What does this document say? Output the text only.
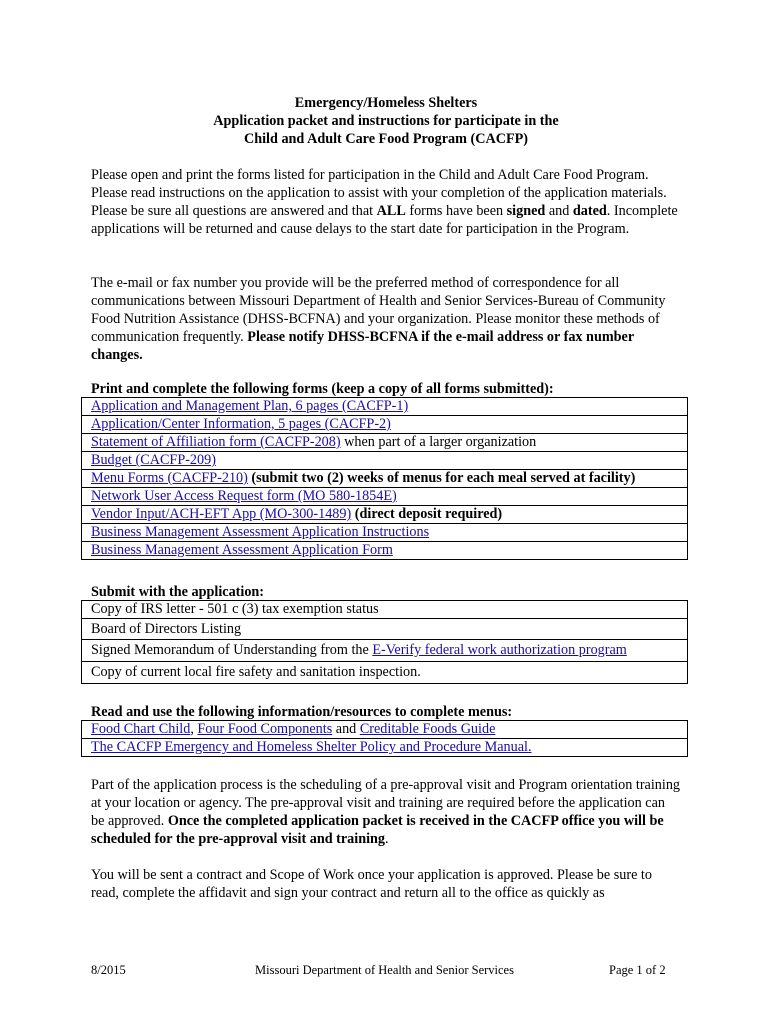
Emergency/Homeless Shelters
Application packet and instructions for participate in the
Child and Adult Care Food Program (CACFP)
Please open and print the forms listed for participation in the Child and Adult Care Food Program. Please read instructions on the application to assist with your completion of the application materials. Please be sure all questions are answered and that ALL forms have been signed and dated. Incomplete applications will be returned and cause delays to the start date for participation in the Program.
The e-mail or fax number you provide will be the preferred method of correspondence for all communications between Missouri Department of Health and Senior Services-Bureau of Community Food Nutrition Assistance (DHSS-BCFNA) and your organization. Please monitor these methods of communication frequently. Please notify DHSS-BCFNA if the e-mail address or fax number changes.
Print and complete the following forms (keep a copy of all forms submitted):
Application and Management Plan, 6 pages (CACFP-1)
Application/Center Information, 5 pages (CACFP-2)
Statement of Affiliation form (CACFP-208) when part of a larger organization
Budget (CACFP-209)
Menu Forms (CACFP-210) (submit two (2) weeks of menus for each meal served at facility)
Network User Access Request form (MO 580-1854E)
Vendor Input/ACH-EFT App (MO-300-1489) (direct deposit required)
Business Management Assessment Application Instructions
Business Management Assessment Application Form
Submit with the application:
Copy of IRS letter - 501 c (3) tax exemption status
Board of Directors Listing
Signed Memorandum of Understanding from the E-Verify federal work authorization program
Copy of current local fire safety and sanitation inspection.
Read and use the following information/resources to complete menus:
Food Chart Child, Four Food Components and Creditable Foods Guide
The CACFP Emergency and Homeless Shelter Policy and Procedure Manual.
Part of the application process is the scheduling of a pre-approval visit and Program orientation training at your location or agency. The pre-approval visit and training are required before the application can be approved. Once the completed application packet is received in the CACFP office you will be scheduled for the pre-approval visit and training.
You will be sent a contract and Scope of Work once your application is approved. Please be sure to read, complete the affidavit and sign your contract and return all to the office as quickly as
8/2015	Missouri Department of Health and Senior Services	Page 1 of 2
